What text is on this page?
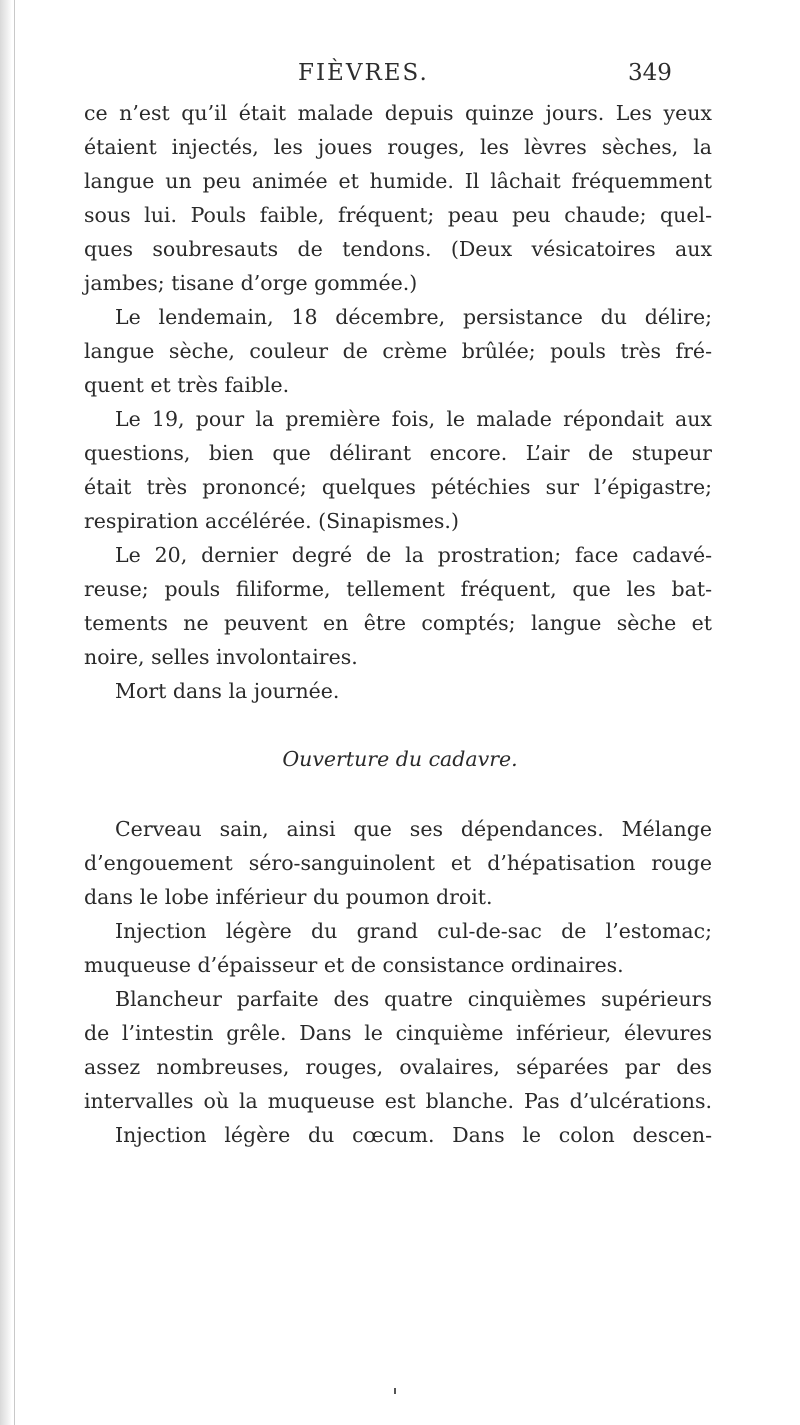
FIÈVRES.	349
ce n’est qu’il était malade depuis quinze jours. Les yeux
étaient injectés, les joues rouges, les lèvres sèches, la
langue un peu animée et humide. Il lâchait fréquemment
sous lui. Pouls faible, fréquent; peau peu chaude; quel-
ques soubresauts de tendons. (Deux vésicatoires aux
jambes; tisane d’orge gommée.)
Le lendemain, 18 décembre, persistance du délire;
langue sèche, couleur de crème brûlée; pouls très fré-
quent et très faible.
Le 19, pour la première fois, le malade répondait aux
questions, bien que délirant encore. L’air de stupeur
était très prononcé; quelques pétéchies sur l’épigastre;
respiration accélérée. (Sinapismes.)
Le 20, dernier degré de la prostration; face cadavé-
reuse; pouls filiforme, tellement fréquent, que les bat-
tements ne peuvent en être comptés; langue sèche et
noire, selles involontaires.
Mort dans la journée.
Ouverture du cadavre.
Cerveau sain, ainsi que ses dépendances. Mélange
d’engouement séro-sanguinolent et d’hépatisation rouge
dans le lobe inférieur du poumon droit.
Injection légère du grand cul-de-sac de l’estomac;
muqueuse d’épaisseur et de consistance ordinaires.
Blancheur parfaite des quatre cinquièmes supérieurs
de l’intestin grêle. Dans le cinquième inférieur, élevures
assez nombreuses, rouges, ovalaires, séparées par des
intervalles où la muqueuse est blanche. Pas d’ulcérations.
Injection légère du cœcum. Dans le colon descen-
